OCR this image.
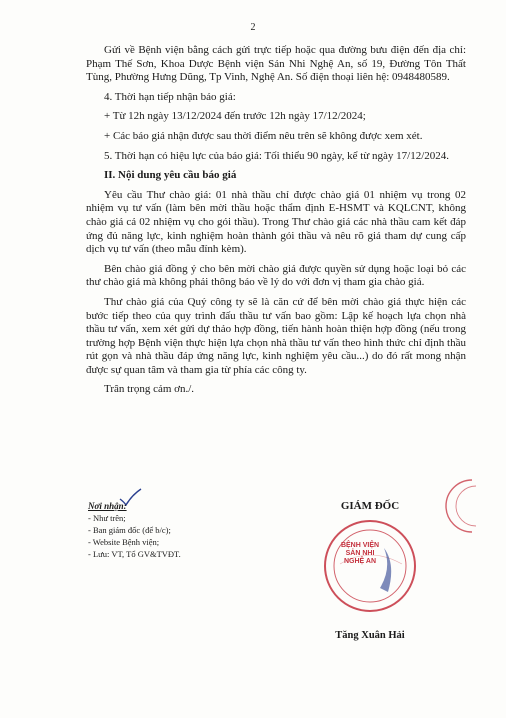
2

Gửi về Bệnh viện bằng cách gửi trực tiếp hoặc qua đường bưu điện đến địa chỉ: Phạm Thế Sơn, Khoa Dược Bệnh viện Sản Nhi Nghệ An, số 19, Đường Tôn Thất Tùng, Phường Hưng Dũng, Tp Vinh, Nghệ An. Số điện thoại liên hệ: 0948480589.

4. Thời hạn tiếp nhận báo giá:

+ Từ 12h ngày 13/12/2024 đến trước 12h ngày 17/12/2024;

+ Các báo giá nhận được sau thời điểm nêu trên sẽ không được xem xét.

5. Thời hạn có hiệu lực của báo giá: Tối thiểu 90 ngày, kể từ ngày 17/12/2024.

II. Nội dung yêu cầu báo giá

Yêu cầu Thư chào giá: 01 nhà thầu chỉ được chào giá 01 nhiệm vụ trong 02 nhiệm vụ tư vấn (làm bên mời thầu hoặc thẩm định E-HSMT và KQLCNT, không chào giá cả 02 nhiệm vụ cho gói thầu). Trong Thư chào giá các nhà thầu cam kết đáp ứng đủ năng lực, kinh nghiệm hoàn thành gói thầu và nêu rõ giá tham dự cung cấp dịch vụ tư vấn (theo mẫu đính kèm).

Bên chào giá đồng ý cho bên mời chào giá được quyền sử dụng hoặc loại bỏ các thư chào giá mà không phải thông báo về lý do với đơn vị tham gia chào giá.

Thư chào giá của Quý công ty sẽ là căn cứ để bên mời chào giá thực hiện các bước tiếp theo của quy trình đấu thầu tư vấn bao gồm: Lập kế hoạch lựa chọn nhà thầu tư vấn, xem xét gửi dự thảo hợp đồng, tiến hành hoàn thiện hợp đồng (nếu trong trường hợp Bệnh viện thực hiện lựa chọn nhà thầu tư vấn theo hình thức chỉ định thầu rút gọn và nhà thầu đáp ứng năng lực, kinh nghiệm yêu cầu...) do đó rất mong nhận được sự quan tâm và tham gia từ phía các công ty.

Trân trọng cảm ơn./.

Nơi nhận:
- Như trên;
- Ban giám đốc (để b/c);
- Website Bệnh viện;
- Lưu: VT, Tổ GV&TVĐT.
GIÁM ĐỐC
BỆNH VIỆN
SẢN NHI
NGHỆ AN
Tăng Xuân Hải
